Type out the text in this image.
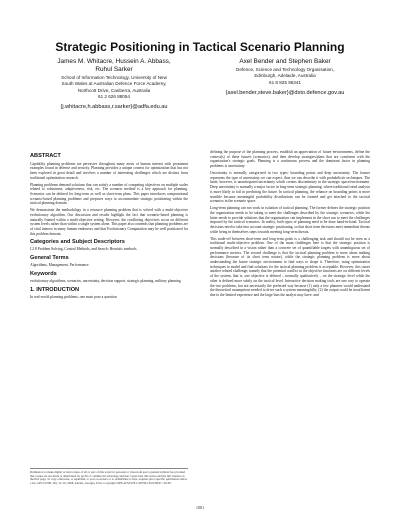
Strategic Positioning in Tactical Scenario Planning
James M. Whitacre, Hussein A. Abbass,
Ruhul Sarker
School of Information Technology, University of New
South Wales at Australian Defence Force Academy,
Northcott Drive, Canberra, Australia
61 2 626 88054
{j.whitacre,h.abbass,r.sarker}@adfa.edu.au
Axel Bender and Stephen Baker
Defence, Science and Technology Organisation,
Edinburgh, Adelaide, Australia
61 8 825 96341
{axel.bender,steve.baker}@dsto.defence.gov.au
ABSTRACT

Capability planning problems are pervasive throughout many areas of human interest with prominent examples found in defense and security. Planning provides a unique context for optimization that has not been explored in great detail and involves a number of interesting challenges which are distinct from traditional optimization research.

Planning problems demand solutions that can satisfy a number of competing objectives on multiple scales related to robustness, adaptiveness, risk, etc. The scenario method is a key approach for planning. Scenarios can be defined for long-term as well as short-term plans. This paper introduces computational scenario-based planning problems and proposes ways to accommodate strategic positioning within the tactical planning domain.

We demonstrate the methodology in a resource planning problem that is solved with a multi-objective evolutionary algorithm. Our discussion and results highlight the fact that scenario-based planning is naturally framed within a multi-objective setting. However, the conflicting objectives occur on different system levels rather than within a single system alone. This paper also contends that planning problems are of vital interest in many human endeavors and that Evolutionary Computation may be well positioned for this problem domain.

Categories and Subject Descriptors

I.2.8 Problem Solving, Control Methods, and Search: Heuristic methods

General Terms

Algorithms, Management, Performance.

Keywords

evolutionary algorithms, scenarios, uncertainty, decision support, strategic planning, military planning

1. INTRODUCTION

In real-world planning problems, one must pose a question

Permission to make digital or hard copies of all or part of this work for personal or classroom use is granted without fee provided that copies are not made or distributed for profit or commercial advantage and that copies bear this notice and the full citation on the first page. To copy otherwise, or republish, to post on servers or to redistribute to lists, requires prior specific permission and/or a fee. GECCO'08, July 12–16, 2008, Atlanta, Georgia, USA. Copyright 2008 ACM 978-1-60558-130-9/08/07...$5.00.

defining the purpose of the planning process, establish an appreciation of future environments, define the context(s) of these futures (scenarios), and then develop strategies/plans that are consistent with the organization's strategic goals. Planning is a continuous process and the dominant factor in planning problems is uncertainty.

Uncertainty is normally categorized in two types: bounding points and deep uncertainty. The former represents the type of uncertainty we can expect, thus we can describe it with probabilistic techniques. The latter, however, is unanticipated uncertainty which creates discontinuity in the strategic space/environment. Deep uncertainty is normally a major factor in long-term strategic planning, where traditional trend analysis is more likely to fail in predicting the future. In tactical planning, the reliance on bounding points is more sensible because meaningful probability distributions can be formed and get attached to the tactical scenarios in the scenario space.

Long-term planning can not work in isolation of tactical planning. The former defines the strategic position the organization needs to be taking to meet the challenges described by the strategic scenarios, while the latter needs to provide solutions that the organization can implement in the short run to meet the challenges imposed by the tactical scenarios. In reality, both types of planning need to be done hand-in-hand. Tactical decisions need to take into account strategic positioning, so that short term decisions meet immediate threats while being in themselves steps towards meeting long-term threats.

This trade-off between short-term and long-term goals is a challenging task and should not be seen as a traditional multi-objective problem. One of the main challenges here is that the strategic position is normally described in a vision rather than a concrete set of quantifiable targets with unambiguous set of performance metrics. The second challenge is that the tactical planning problem is more about making decisions (because of its short term nature), while the strategic planning problem is more about understanding the future strategic environment to find ways to shape it. Therefore, using optimization techniques to model and find solutions for the tactical planning problem is acceptable. However, this raises another related challenge; namely that the potential conflict in the objective functions are on different levels of the system; that is, one objective is defined – normally qualitatively – on the strategic level while the other is defined more subtly on the tactical level. Interactive decision making tools are one way to operate the two problems, but not necessarily the preferred way because (1) only a few planners would understand the theoretical assumptions needed to drive such a system meaningfully; (2) the output could be insufficient due to the limited experience and the large bias the analyst may have; and

1081
